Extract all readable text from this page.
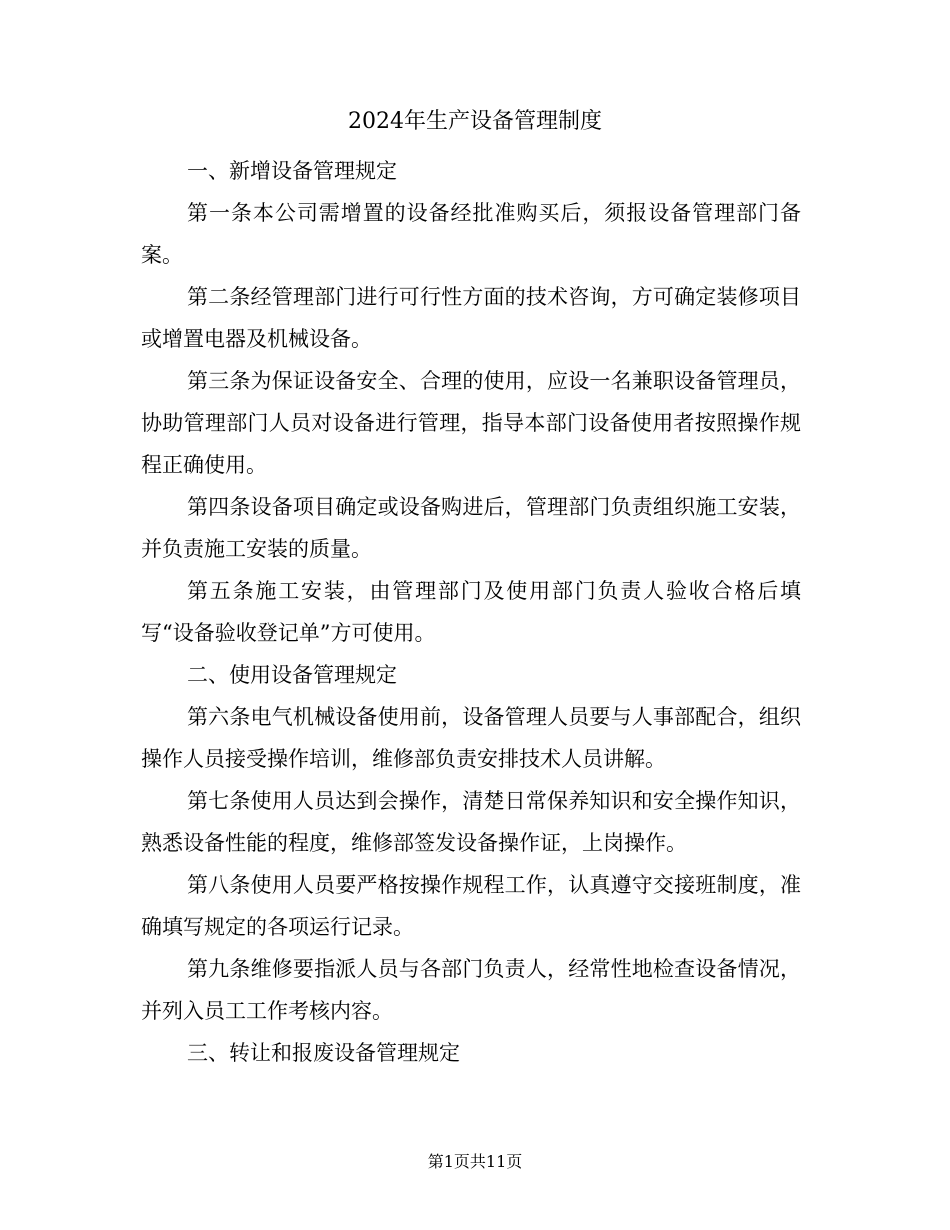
2024年生产设备管理制度

一、新增设备管理规定

第一条本公司需增置的设备经批准购买后，须报设备管理部门备案。

第二条经管理部门进行可行性方面的技术咨询，方可确定装修项目或增置电器及机械设备。

第三条为保证设备安全、合理的使用，应设一名兼职设备管理员，协助管理部门人员对设备进行管理，指导本部门设备使用者按照操作规程正确使用。

第四条设备项目确定或设备购进后，管理部门负责组织施工安装，并负责施工安装的质量。

第五条施工安装，由管理部门及使用部门负责人验收合格后填写“设备验收登记单”方可使用。

二、使用设备管理规定

第六条电气机械设备使用前，设备管理人员要与人事部配合，组织操作人员接受操作培训，维修部负责安排技术人员讲解。

第七条使用人员达到会操作，清楚日常保养知识和安全操作知识，熟悉设备性能的程度，维修部签发设备操作证，上岗操作。

第八条使用人员要严格按操作规程工作，认真遵守交接班制度，准确填写规定的各项运行记录。

第九条维修要指派人员与各部门负责人，经常性地检查设备情况，并列入员工工作考核内容。

三、转让和报废设备管理规定

第1页共11页
